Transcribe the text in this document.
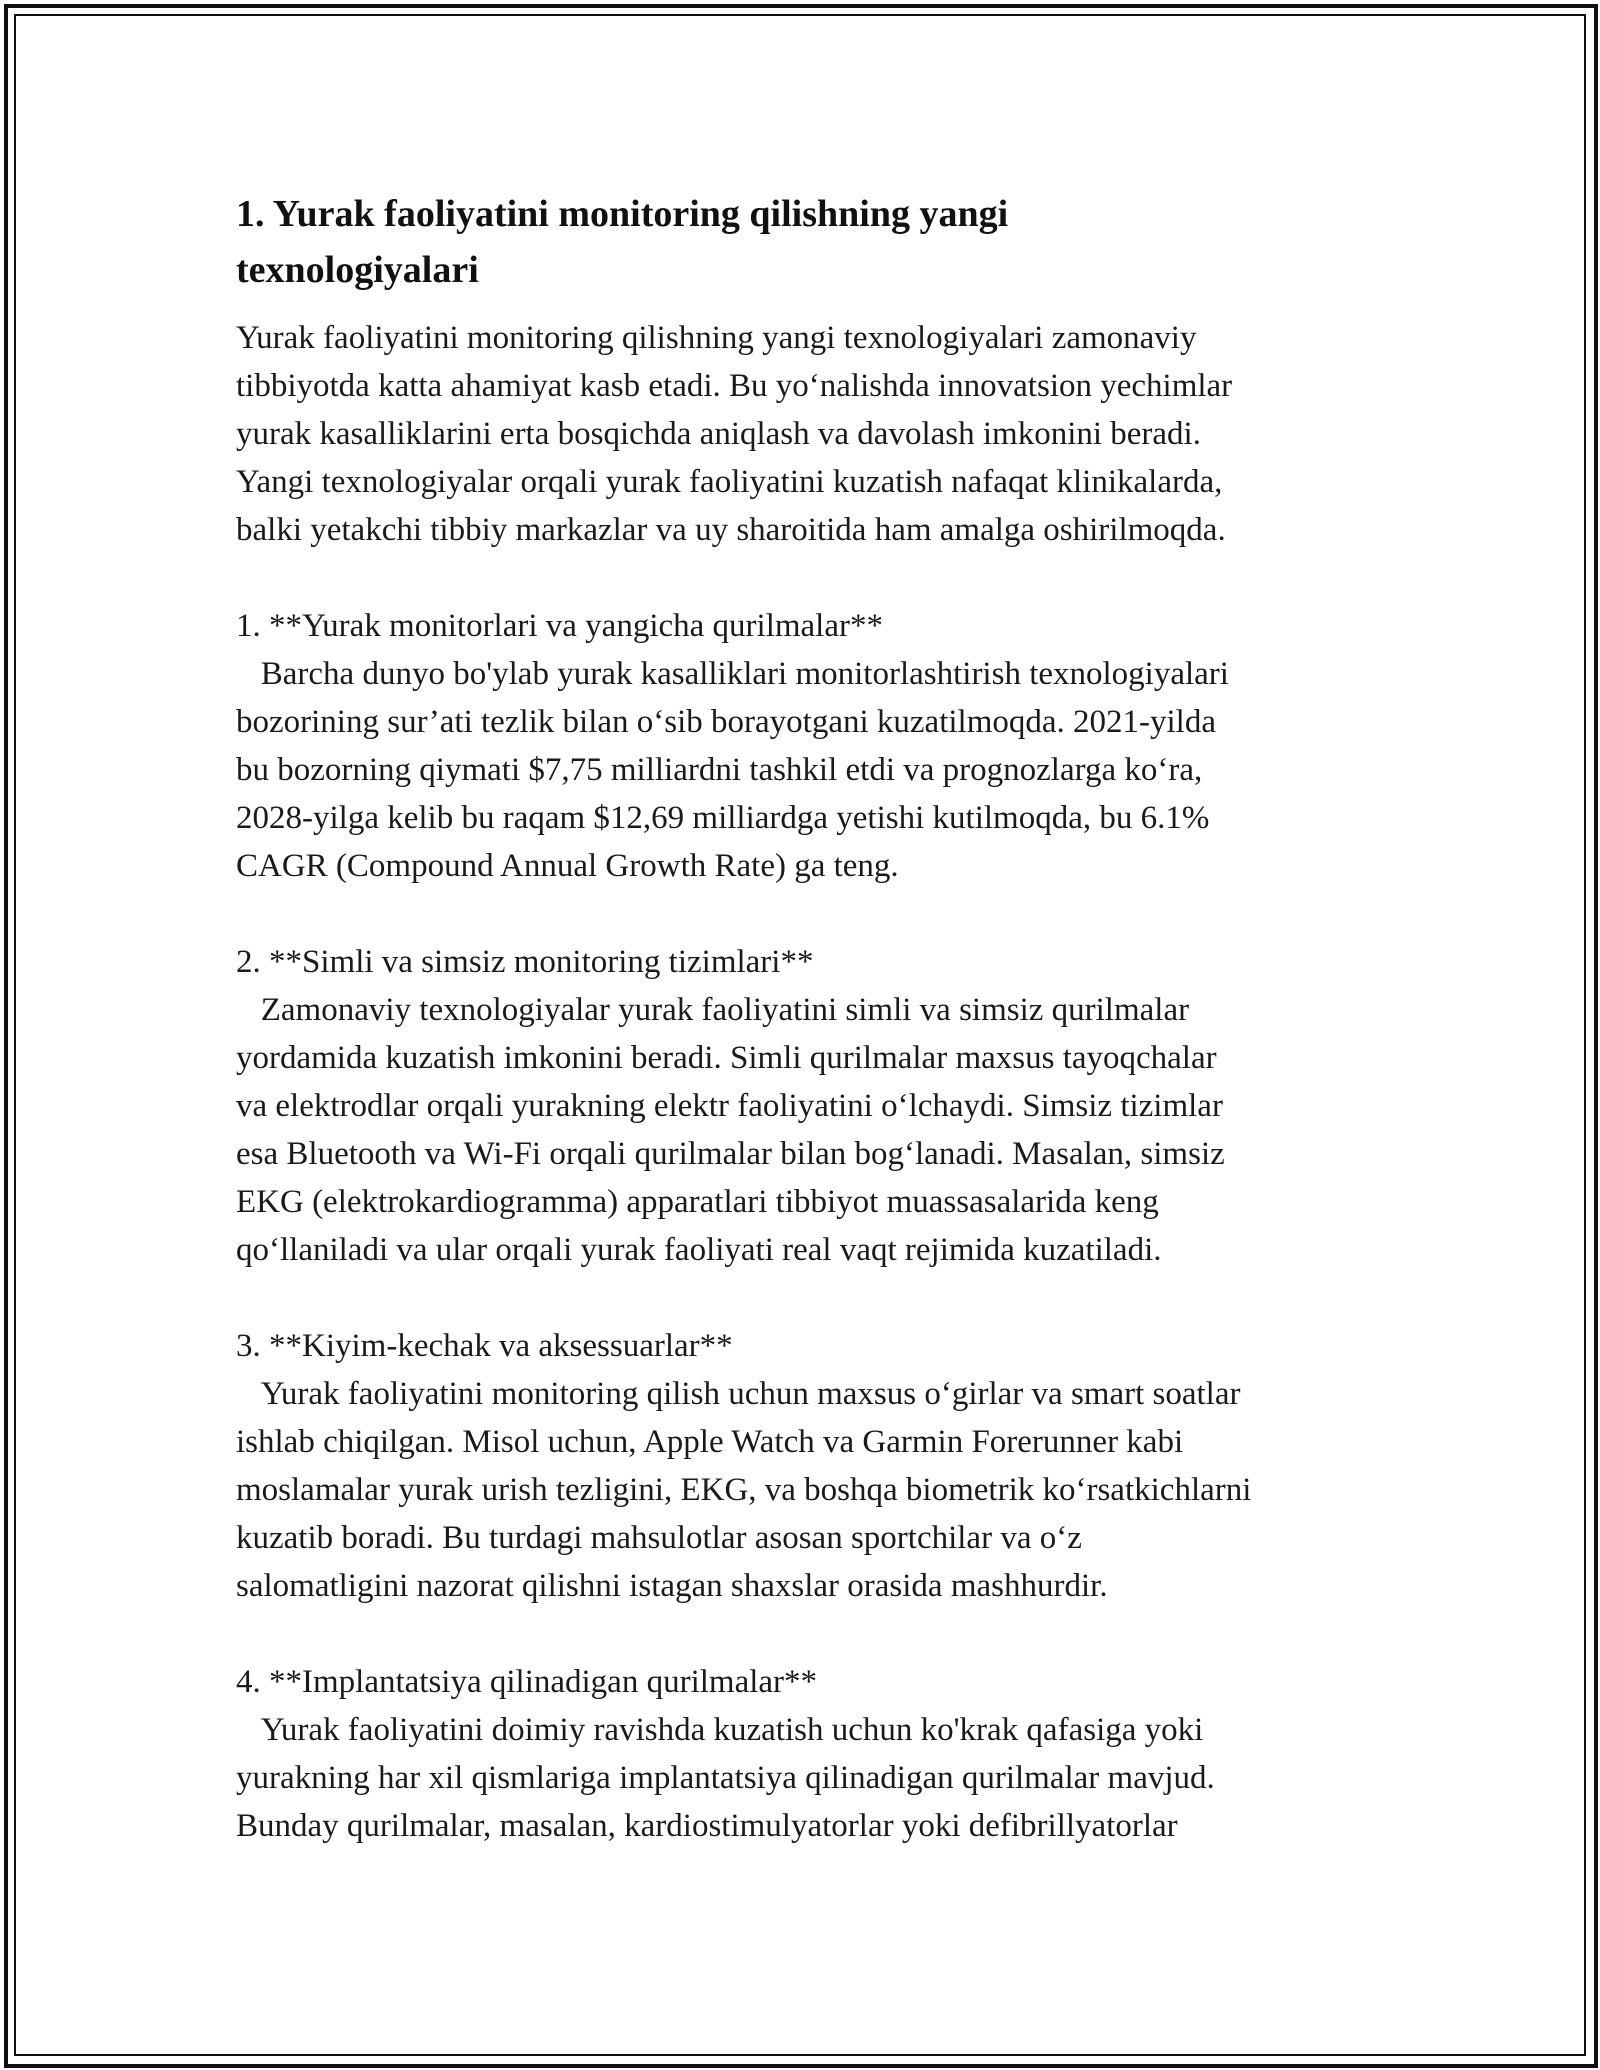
1. Yurak faoliyatini monitoring qilishning yangi
texnologiyalari

Yurak faoliyatini monitoring qilishning yangi texnologiyalari zamonaviy
tibbiyotda katta ahamiyat kasb etadi. Bu yo‘nalishda innovatsion yechimlar
yurak kasalliklarini erta bosqichda aniqlash va davolash imkonini beradi.
Yangi texnologiyalar orqali yurak faoliyatini kuzatish nafaqat klinikalarda,
balki yetakchi tibbiy markazlar va uy sharoitida ham amalga oshirilmoqda.

1. **Yurak monitorlari va yangicha qurilmalar**

Barcha dunyo bo'ylab yurak kasalliklari monitorlashtirish texnologiyalari
bozorining sur’ati tezlik bilan o‘sib borayotgani kuzatilmoqda. 2021-yilda
bu bozorning qiymati $7,75 milliardni tashkil etdi va prognozlarga ko‘ra,
2028-yilga kelib bu raqam $12,69 milliardga yetishi kutilmoqda, bu 6.1%
CAGR (Compound Annual Growth Rate) ga teng.

2. **Simli va simsiz monitoring tizimlari**

Zamonaviy texnologiyalar yurak faoliyatini simli va simsiz qurilmalar
yordamida kuzatish imkonini beradi. Simli qurilmalar maxsus tayoqchalar
va elektrodlar orqali yurakning elektr faoliyatini o‘lchaydi. Simsiz tizimlar
esa Bluetooth va Wi-Fi orqali qurilmalar bilan bog‘lanadi. Masalan, simsiz
EKG (elektrokardiogramma) apparatlari tibbiyot muassasalarida keng
qo‘llaniladi va ular orqali yurak faoliyati real vaqt rejimida kuzatiladi.

3. **Kiyim-kechak va aksessuarlar**

Yurak faoliyatini monitoring qilish uchun maxsus o‘girlar va smart soatlar
ishlab chiqilgan. Misol uchun, Apple Watch va Garmin Forerunner kabi
moslamalar yurak urish tezligini, EKG, va boshqa biometrik ko‘rsatkichlarni
kuzatib boradi. Bu turdagi mahsulotlar asosan sportchilar va o‘z
salomatligini nazorat qilishni istagan shaxslar orasida mashhurdir.

4. **Implantatsiya qilinadigan qurilmalar**

Yurak faoliyatini doimiy ravishda kuzatish uchun ko'krak qafasiga yoki
yurakning har xil qismlariga implantatsiya qilinadigan qurilmalar mavjud.
Bunday qurilmalar, masalan, kardiostimulyatorlar yoki defibrillyatorlar
